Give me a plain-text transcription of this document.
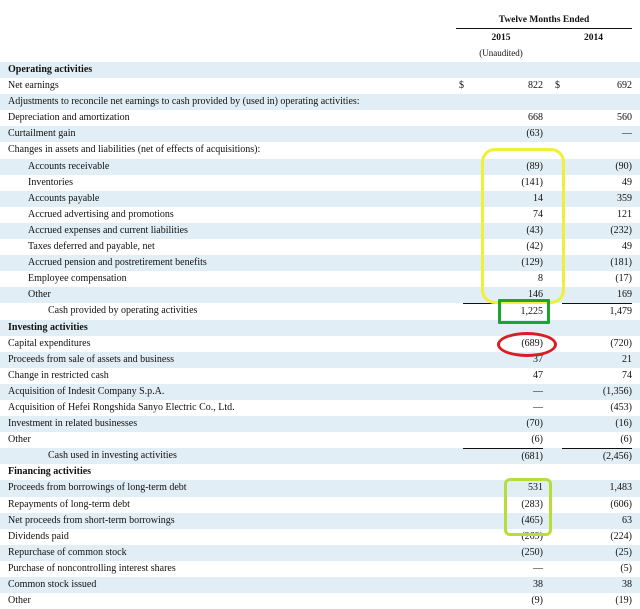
Twelve Months Ended
2015	2014
(Unaudited)
Operating activities
Net earnings	$	822 $	692
Adjustments to reconcile net earnings to cash provided by (used in) operating activities:
Depreciation and amortization	668	560
Curtailment gain	(63)	—
Changes in assets and liabilities (net of effects of acquisitions):
Accounts receivable	(89)	(90)
Inventories	(141)	49
Accounts payable	14	359
Accrued advertising and promotions	74	121
Accrued expenses and current liabilities	(43)	(232)
Taxes deferred and payable, net	(42)	49
Accrued pension and postretirement benefits	(129)	(181)
Employee compensation	8	(17)
Other	146	169
Cash provided by operating activities	1,225	1,479
Investing activities
Capital expenditures	(689)	(720)
Proceeds from sale of assets and business	37	21
Change in restricted cash	47	74
Acquisition of Indesit Company S.p.A.	—	(1,356)
Acquisition of Hefei Rongshida Sanyo Electric Co., Ltd.	—	(453)
Investment in related businesses	(70)	(16)
Other	(6)	(6)
Cash used in investing activities	(681)	(2,456)
Financing activities
Proceeds from borrowings of long-term debt	531	1,483
Repayments of long-term debt	(283)	(606)
Net proceeds from short-term borrowings	(465)	63
Dividends paid	(269)	(224)
Repurchase of common stock	(250)	(25)
Purchase of noncontrolling interest shares	—	(5)
Common stock issued	38	38
Other	(9)	(19)
